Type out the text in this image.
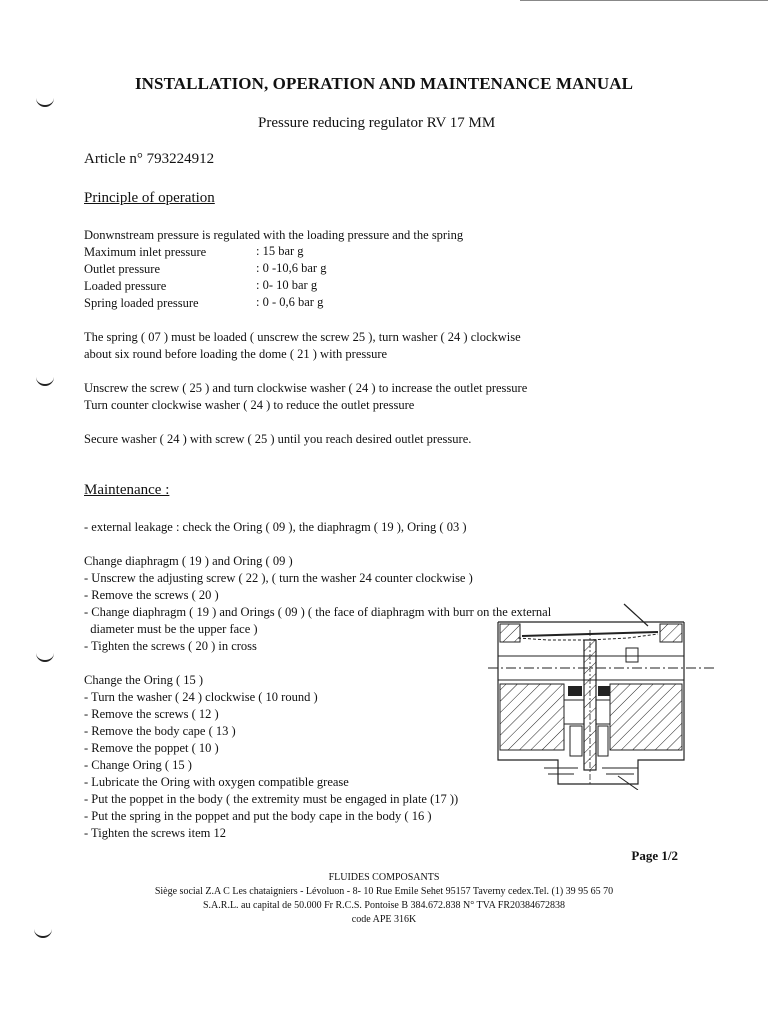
INSTALLATION, OPERATION AND MAINTENANCE MANUAL
Pressure reducing regulator RV 17 MM
Article n° 793224912
Principle of operation
Donwnstream pressure is regulated with the loading pressure and the spring
Maximum inlet pressure	: 15 bar g
Outlet pressure	: 0 -10,6 bar g
Loaded pressure	: 0- 10 bar g
Spring loaded pressure	: 0 - 0,6 bar g
The spring ( 07 ) must be loaded ( unscrew the screw 25 ), turn washer ( 24 ) clockwise
about six round before loading the dome ( 21 ) with pressure
Unscrew the screw ( 25 ) and turn clockwise washer ( 24 ) to increase the outlet pressure
Turn counter clockwise washer ( 24 ) to reduce the outlet pressure
Secure washer ( 24 ) with screw ( 25 ) until you reach desired outlet pressure.
Maintenance :
- external leakage : check the Oring ( 09 ), the diaphragm ( 19 ), Oring ( 03 )
Change diaphragm ( 19 ) and Oring ( 09 )
- Unscrew the adjusting screw ( 22 ), ( turn the washer 24 counter clockwise )
- Remove the screws ( 20 )
- Change diaphragm ( 19 ) and Orings ( 09 ) ( the face of diaphragm with burr on the external
diameter must be the upper face )
- Tighten the screws ( 20 ) in cross
Change the Oring ( 15 )
- Turn the washer ( 24 ) clockwise ( 10 round )
- Remove the screws ( 12 )
- Remove the body cape ( 13 )
- Remove the poppet ( 10 )
- Change Oring ( 15 )
- Lubricate the Oring with oxygen compatible grease
- Put the poppet in the body ( the extremity must be engaged in plate (17 ))
- Put the spring in the poppet and put the body cape in the body ( 16 )
- Tighten the screws item 12
Page 1/2
FLUIDES COMPOSANTS
Siège social Z.A C Les chataigniers - Lévoluon - 8- 10 Rue Emile Sehet 95157 Taverny cedex.Tel. (1) 39 95 65 70
S.A.R.L. au capital de 50.000 Fr R.C.S. Pontoise B 384.672.838 N° TVA FR20384672838
code APE 316K
